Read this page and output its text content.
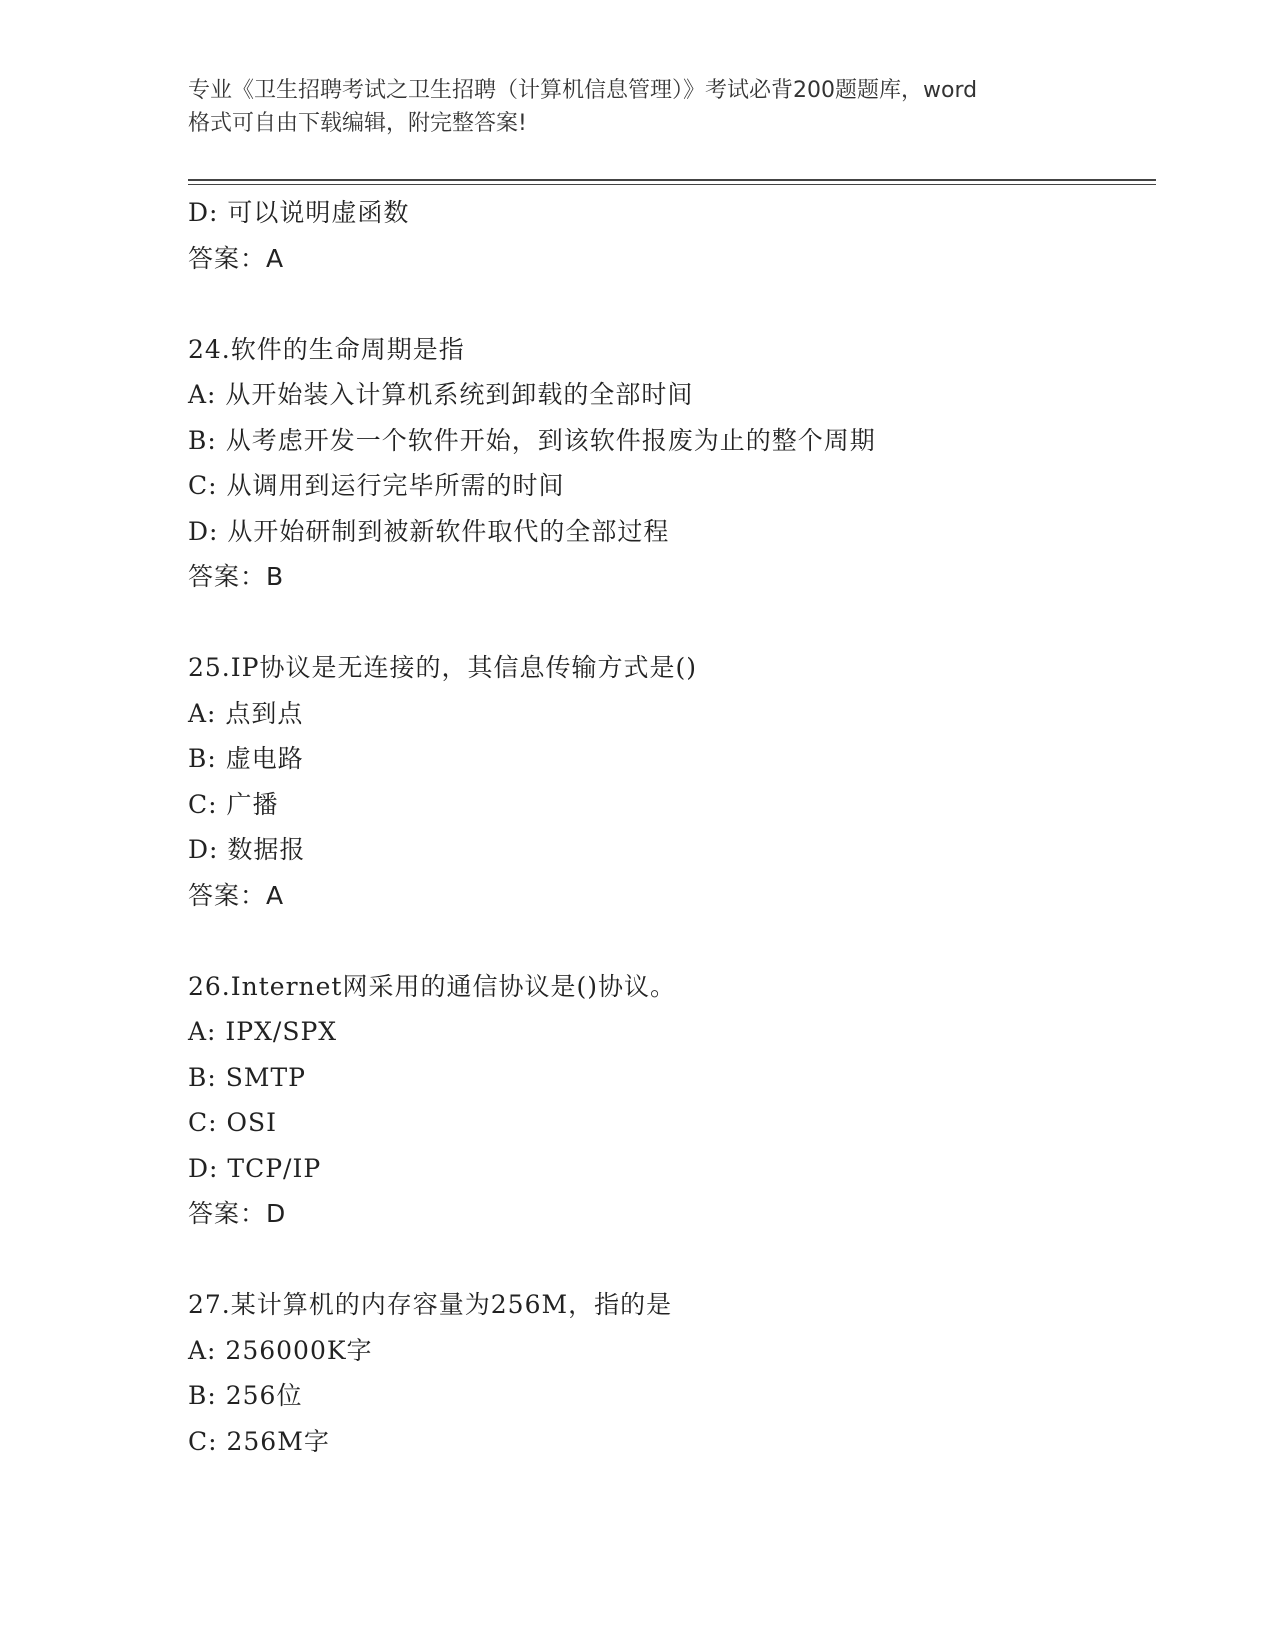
专业《卫生招聘考试之卫生招聘（计算机信息管理）》考试必背200题题库，word
格式可自由下载编辑，附完整答案!
D: 可以说明虚函数
答案：A
24.软件的生命周期是指
A: 从开始装入计算机系统到卸载的全部时间
B: 从考虑开发一个软件开始，到该软件报废为止的整个周期
C: 从调用到运行完毕所需的时间
D: 从开始研制到被新软件取代的全部过程
答案：B
25.IP协议是无连接的，其信息传输方式是()
A: 点到点
B: 虚电路
C: 广播
D: 数据报
答案：A
26.Internet网采用的通信协议是()协议。
A: IPX/SPX
B: SMTP
C: OSI
D: TCP/IP
答案：D
27.某计算机的内存容量为256M，指的是
A: 256000K字
B: 256位
C: 256M字
